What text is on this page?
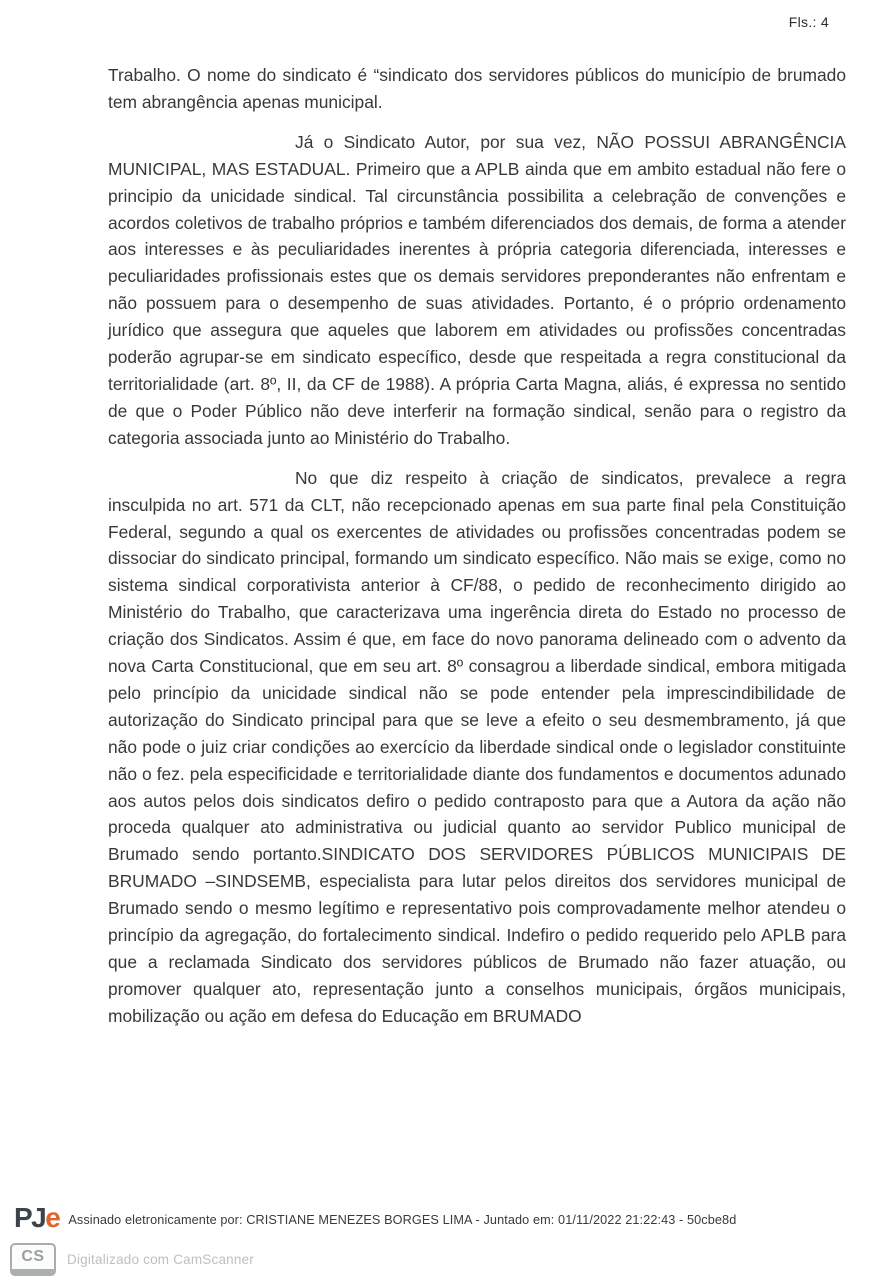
Fls.: 4

Trabalho. O nome do sindicato é “sindicato dos servidores públicos do município de brumado tem abrangência apenas municipal.

Já o Sindicato Autor, por sua vez, NÃO POSSUI ABRANGÊNCIA MUNICIPAL, MAS ESTADUAL. Primeiro que a APLB ainda que em ambito estadual não fere o principio da unicidade sindical. Tal circunstância possibilita a celebração de convenções e acordos coletivos de trabalho próprios e também diferenciados dos demais, de forma a atender aos interesses e às peculiaridades inerentes à própria categoria diferenciada, interesses e peculiaridades profissionais estes que os demais servidores preponderantes não enfrentam e não possuem para o desempenho de suas atividades. Portanto, é o próprio ordenamento jurídico que assegura que aqueles que laborem em atividades ou profissões concentradas poderão agrupar-se em sindicato específico, desde que respeitada a regra constitucional da territorialidade (art. 8º, II, da CF de 1988). A própria Carta Magna, aliás, é expressa no sentido de que o Poder Público não deve interferir na formação sindical, senão para o registro da categoria associada junto ao Ministério do Trabalho.

No que diz respeito à criação de sindicatos, prevalece a regra insculpida no art. 571 da CLT, não recepcionado apenas em sua parte final pela Constituição Federal, segundo a qual os exercentes de atividades ou profissões concentradas podem se dissociar do sindicato principal, formando um sindicato específico. Não mais se exige, como no sistema sindical corporativista anterior à CF/88, o pedido de reconhecimento dirigido ao Ministério do Trabalho, que caracterizava uma ingerência direta do Estado no processo de criação dos Sindicatos. Assim é que, em face do novo panorama delineado com o advento da nova Carta Constitucional, que em seu art. 8º consagrou a liberdade sindical, embora mitigada pelo princípio da unicidade sindical não se pode entender pela imprescindibilidade de autorização do Sindicato principal para que se leve a efeito o seu desmembramento, já que não pode o juiz criar condições ao exercício da liberdade sindical onde o legislador constituinte não o fez. pela especificidade e territorialidade diante dos fundamentos e documentos adunado aos autos pelos dois sindicatos defiro o pedido contraposto para que a Autora da ação não proceda qualquer ato administrativa ou judicial quanto ao servidor Publico municipal de Brumado sendo portanto.SINDICATO DOS SERVIDORES PÚBLICOS MUNICIPAIS DE BRUMADO –SINDSEMB, especialista para lutar pelos direitos dos servidores municipal de Brumado sendo o mesmo legítimo e representativo pois comprovadamente melhor atendeu o princípio da agregação, do fortalecimento sindical. Indefiro o pedido requerido pelo APLB para que a reclamada Sindicato dos servidores públicos de Brumado não fazer atuação, ou promover qualquer ato, representação junto a conselhos municipais, órgãos municipais, mobilização ou ação em defesa do Educação em BRUMADO

PJe Assinado eletronicamente por: CRISTIANE MENEZES BORGES LIMA - Juntado em: 01/11/2022 21:22:43 - 50cbe8d
CS	Digitalizado com CamScanner
